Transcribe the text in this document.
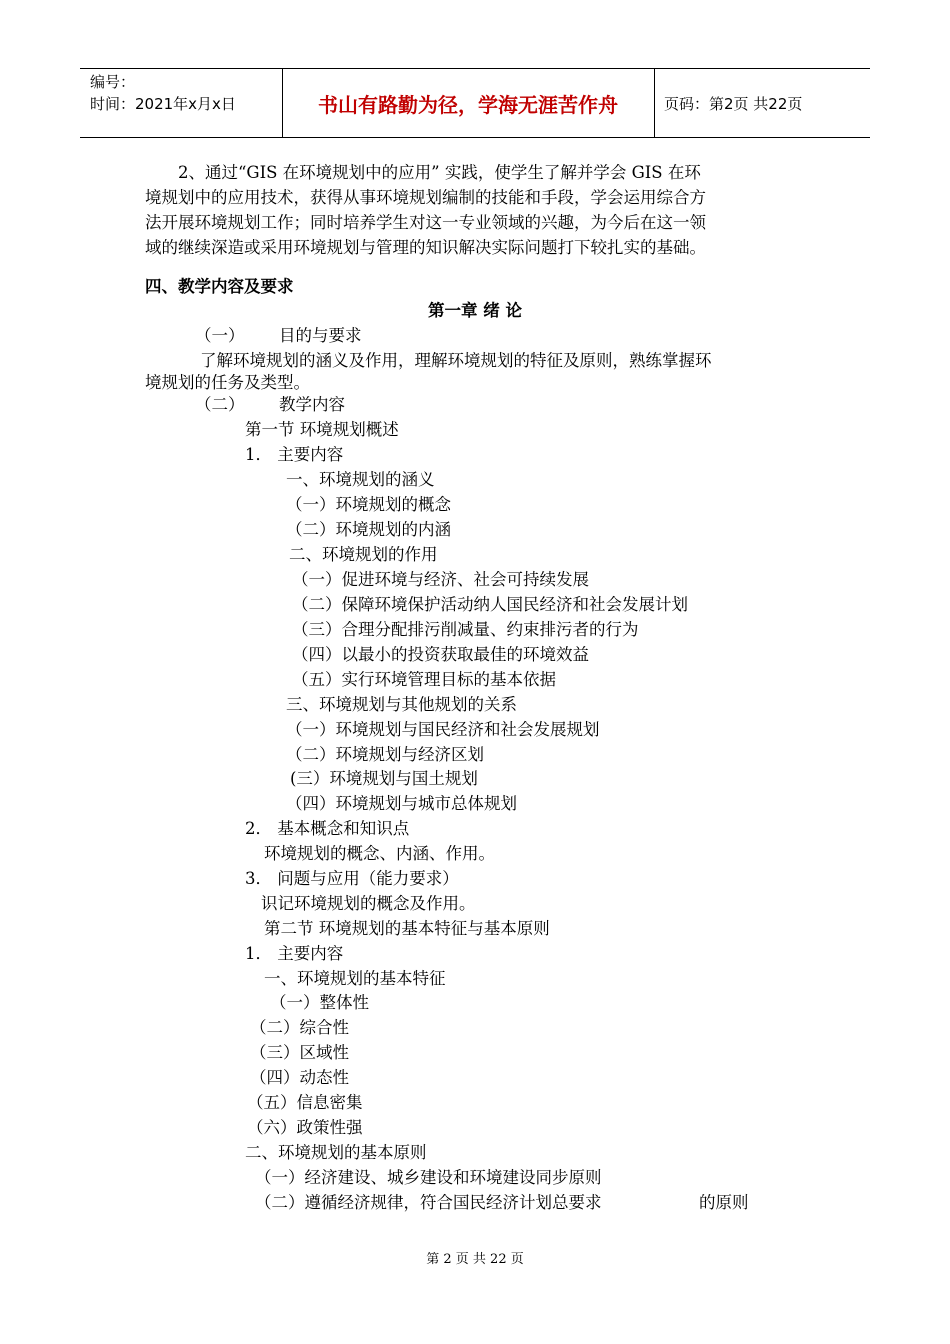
编号：
时间：2021年x月x日	书山有路勤为径，学海无涯苦作舟	页码：第2页 共22页

2、通过“GIS 在环境规划中的应用” 实践，使学生了解并学会 GIS 在环

境规划中的应用技术，获得从事环境规划编制的技能和手段，学会运用综合方

法开展环境规划工作；同时培养学生对这一专业领域的兴趣，为今后在这一领

域的继续深造或采用环境规划与管理的知识解决实际问题打下较扎实的基础。

四、教学内容及要求
第一章 绪 论
（一） 目的与要求
了解环境规划的涵义及作用，理解环境规划的特征及原则，熟练掌握环
境规划的任务及类型。
（二） 教学内容
第一节 环境规划概述
1． 主要内容
一、环境规划的涵义
（一）环境规划的概念
（二）环境规划的内涵
二、环境规划的作用
（一）促进环境与经济、社会可持续发展
（二）保障环境保护活动纳人国民经济和社会发展计划
（三）合理分配排污削减量、约束排污者的行为
（四）以最小的投资获取最佳的环境效益
（五）实行环境管理目标的基本依据
三、环境规划与其他规划的关系
（一）环境规划与国民经济和社会发展规划
（二）环境规划与经济区划
(三）环境规划与国土规划
（四）环境规划与城市总体规划
2． 基本概念和知识点
环境规划的概念、内涵、作用。
3． 问题与应用（能力要求）
识记环境规划的概念及作用。
第二节 环境规划的基本特征与基本原则
1． 主要内容
一、环境规划的基本特征
（一）整体性
（二）综合性
（三）区域性
（四）动态性
（五）信息密集
（六）政策性强
二、环境规划的基本原则
（一）经济建设、城乡建设和环境建设同步原则
（二）遵循经济规律，符合国民经济计划总要求	的原则
第 2 页 共 22 页
